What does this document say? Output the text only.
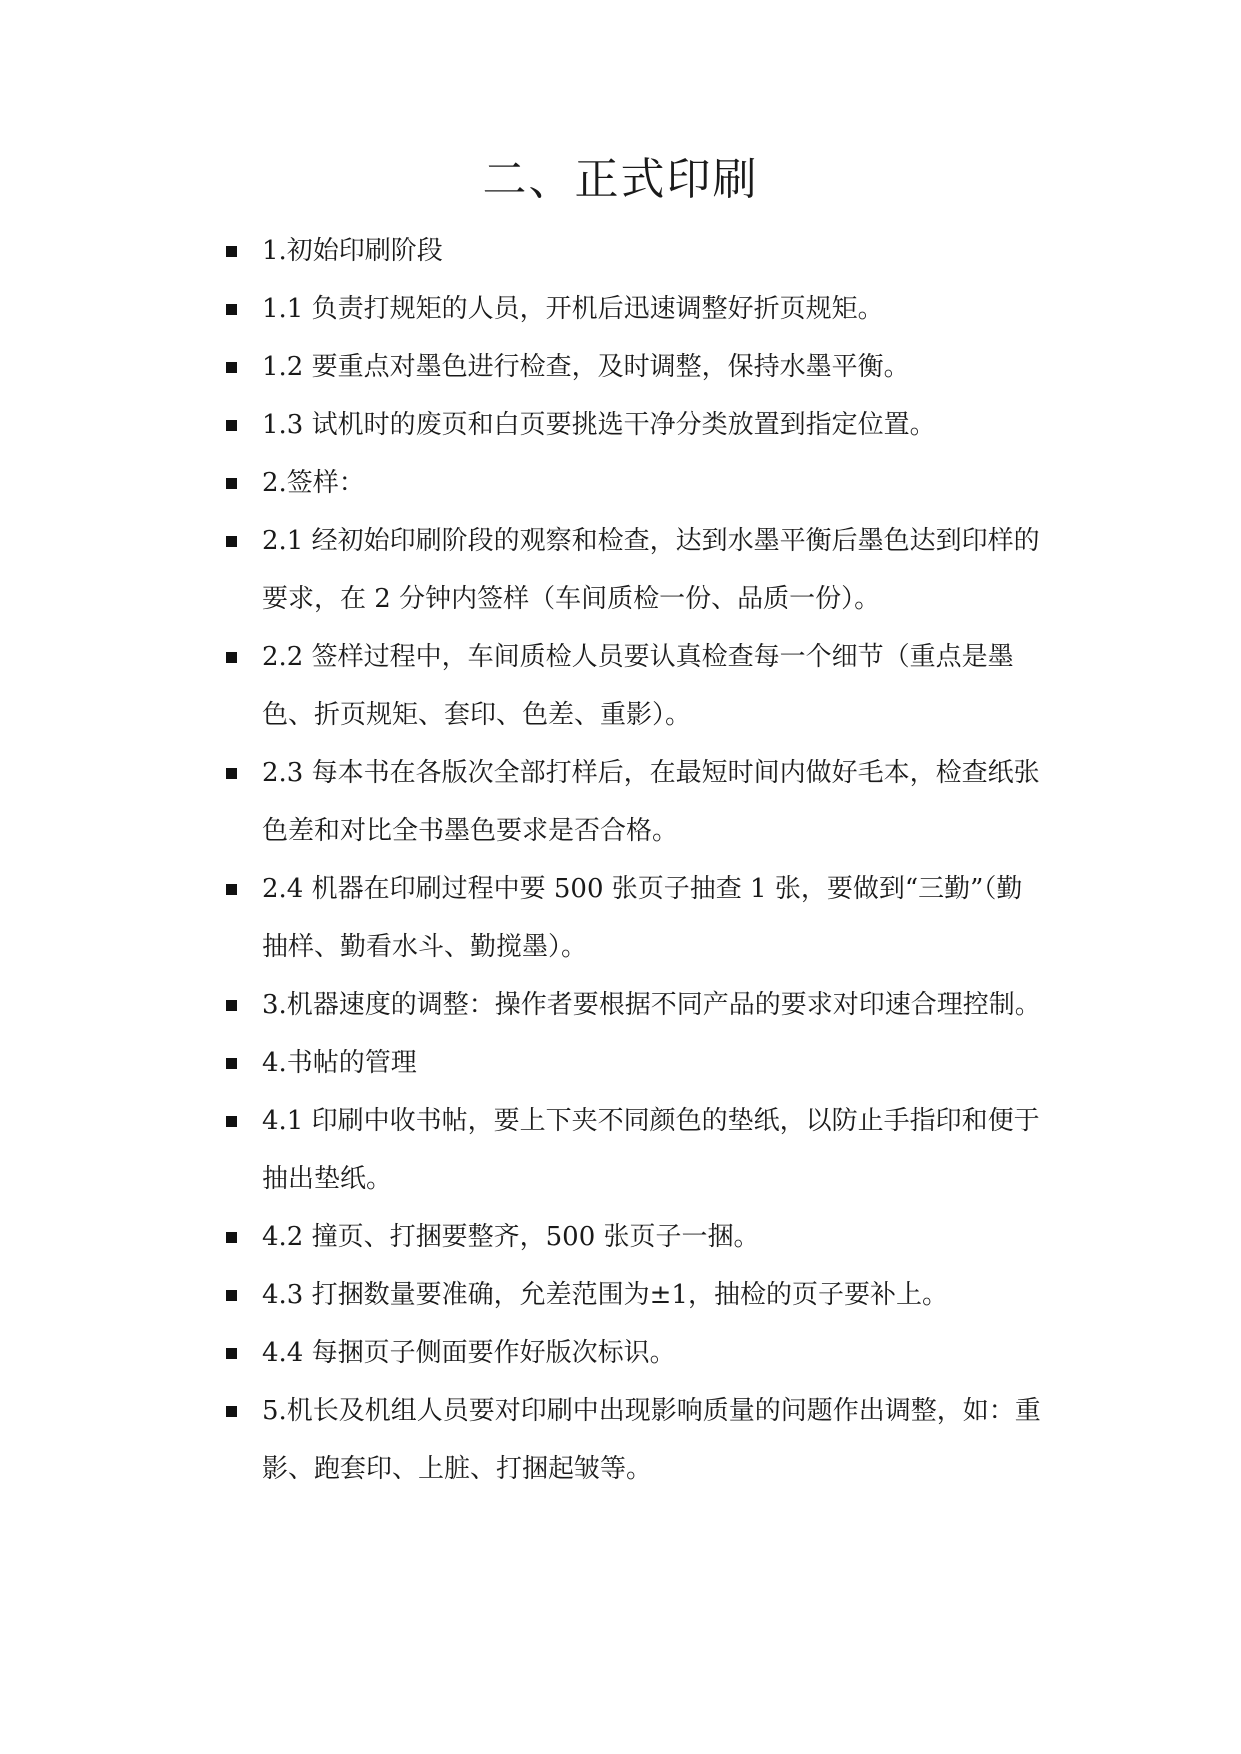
二、正式印刷
1.初始印刷阶段
1.1 负责打规矩的人员，开机后迅速调整好折页规矩。
1.2 要重点对墨色进行检查，及时调整，保持水墨平衡。
1.3 试机时的废页和白页要挑选干净分类放置到指定位置。
2.签样：
2.1 经初始印刷阶段的观察和检查，达到水墨平衡后墨色达到印样的要求，在 2 分钟内签样（车间质检一份、品质一份）。
2.2 签样过程中，车间质检人员要认真检查每一个细节（重点是墨色、折页规矩、套印、色差、重影）。
2.3 每本书在各版次全部打样后，在最短时间内做好毛本，检查纸张色差和对比全书墨色要求是否合格。
2.4 机器在印刷过程中要 500 张页子抽查 1 张，要做到“三勤”（勤抽样、勤看水斗、勤搅墨）。
3.机器速度的调整：操作者要根据不同产品的要求对印速合理控制。
4.书帖的管理
4.1 印刷中收书帖，要上下夹不同颜色的垫纸，以防止手指印和便于抽出垫纸。
4.2 撞页、打捆要整齐，500 张页子一捆。
4.3 打捆数量要准确，允差范围为±1，抽检的页子要补上。
4.4 每捆页子侧面要作好版次标识。
5.机长及机组人员要对印刷中出现影响质量的问题作出调整，如：重影、跑套印、上脏、打捆起皱等。
